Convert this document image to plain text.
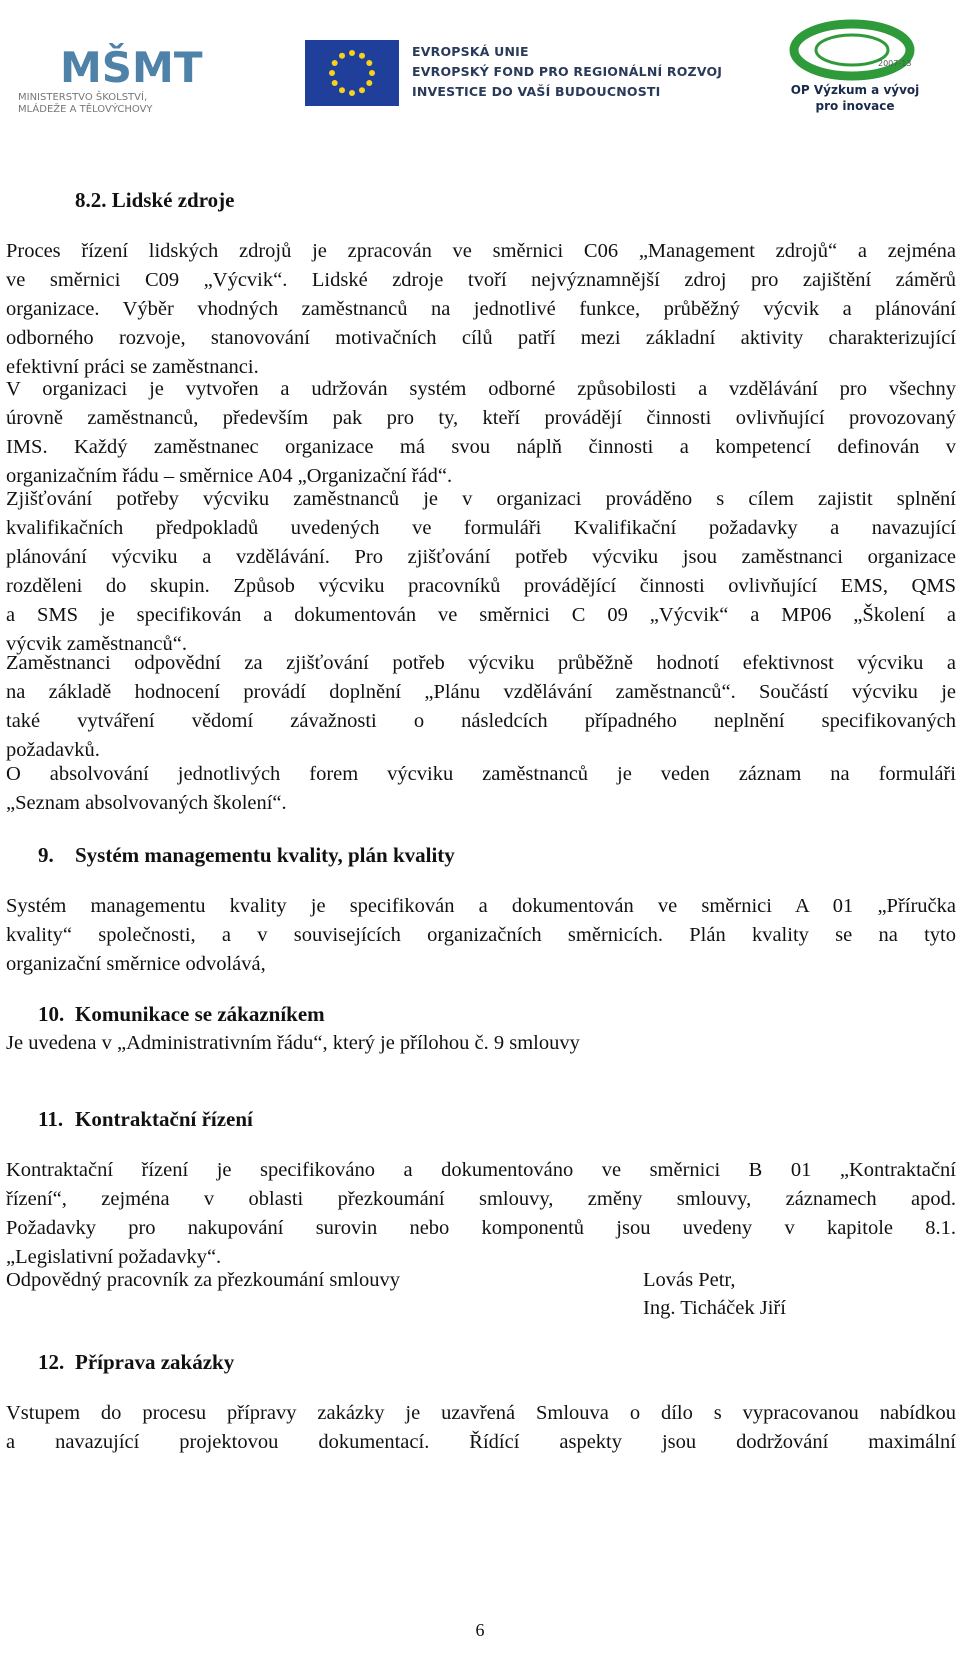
MŠMT
MINISTERSTVO ŠKOLSTVÍ,
MLÁDEŽE A TĚLOVÝCHOVY
EVROPSKÁ UNIE
EVROPSKÝ FOND PRO REGIONÁLNÍ ROZVOJ
INVESTICE DO VAŠÍ BUDOUCNOSTI
2007-13
OP Výzkum a vývoj
pro inovace
8.2. Lidské zdroje
Proces řízení lidských zdrojů je zpracován ve směrnici C06 „Management zdrojů“ a zejména
ve směrnici C09 „Výcvik“. Lidské zdroje tvoří nejvýznamnější zdroj pro zajištění záměrů
organizace. Výběr vhodných zaměstnanců na jednotlivé funkce, průběžný výcvik a plánování
odborného rozvoje, stanovování motivačních cílů patří mezi základní aktivity charakterizující
efektivní práci se zaměstnanci.
V organizaci je vytvořen a udržován systém odborné způsobilosti a vzdělávání pro všechny
úrovně zaměstnanců, především pak pro ty, kteří provádějí činnosti ovlivňující provozovaný
IMS. Každý zaměstnanec organizace má svou náplň činnosti a kompetencí definován v
organizačním řádu – směrnice A04 „Organizační řád“.
Zjišťování potřeby výcviku zaměstnanců je v organizaci prováděno s cílem zajistit splnění
kvalifikačních předpokladů uvedených ve formuláři Kvalifikační požadavky a navazující
plánování výcviku a vzdělávání. Pro zjišťování potřeb výcviku jsou zaměstnanci organizace
rozděleni do skupin. Způsob výcviku pracovníků provádějící činnosti ovlivňující EMS, QMS
a SMS je specifikován a dokumentován ve směrnici C 09 „Výcvik“ a MP06 „Školení a
výcvik zaměstnanců“.
Zaměstnanci odpovědní za zjišťování potřeb výcviku průběžně hodnotí efektivnost výcviku a
na základě hodnocení provádí doplnění „Plánu vzdělávání zaměstnanců“. Součástí výcviku je
také vytváření vědomí závažnosti o následcích případného neplnění specifikovaných
požadavků.
O absolvování jednotlivých forem výcviku zaměstnanců je veden záznam na formuláři
„Seznam absolvovaných školení“.
9. Systém managementu kvality, plán kvality
Systém managementu kvality je specifikován a dokumentován ve směrnici A 01 „Příručka
kvality“ společnosti, a v souvisejících organizačních směrnicích. Plán kvality se na tyto
organizační směrnice odvolává,
10. Komunikace se zákazníkem
Je uvedena v „Administrativním řádu“, který je přílohou č. 9 smlouvy
11. Kontraktační řízení
Kontraktační řízení je specifikováno a dokumentováno ve směrnici B 01 „Kontraktační
řízení“, zejména v oblasti přezkoumání smlouvy, změny smlouvy, záznamech apod.
Požadavky pro nakupování surovin nebo komponentů jsou uvedeny v kapitole 8.1.
„Legislativní požadavky“.
Odpovědný pracovník za přezkoumání smlouvy	Lovás Petr,
Ing. Ticháček Jiří
12. Příprava zakázky
Vstupem do procesu přípravy zakázky je uzavřená Smlouva o dílo s vypracovanou nabídkou
a navazující projektovou dokumentací. Řídící aspekty jsou dodržování maximální
6
